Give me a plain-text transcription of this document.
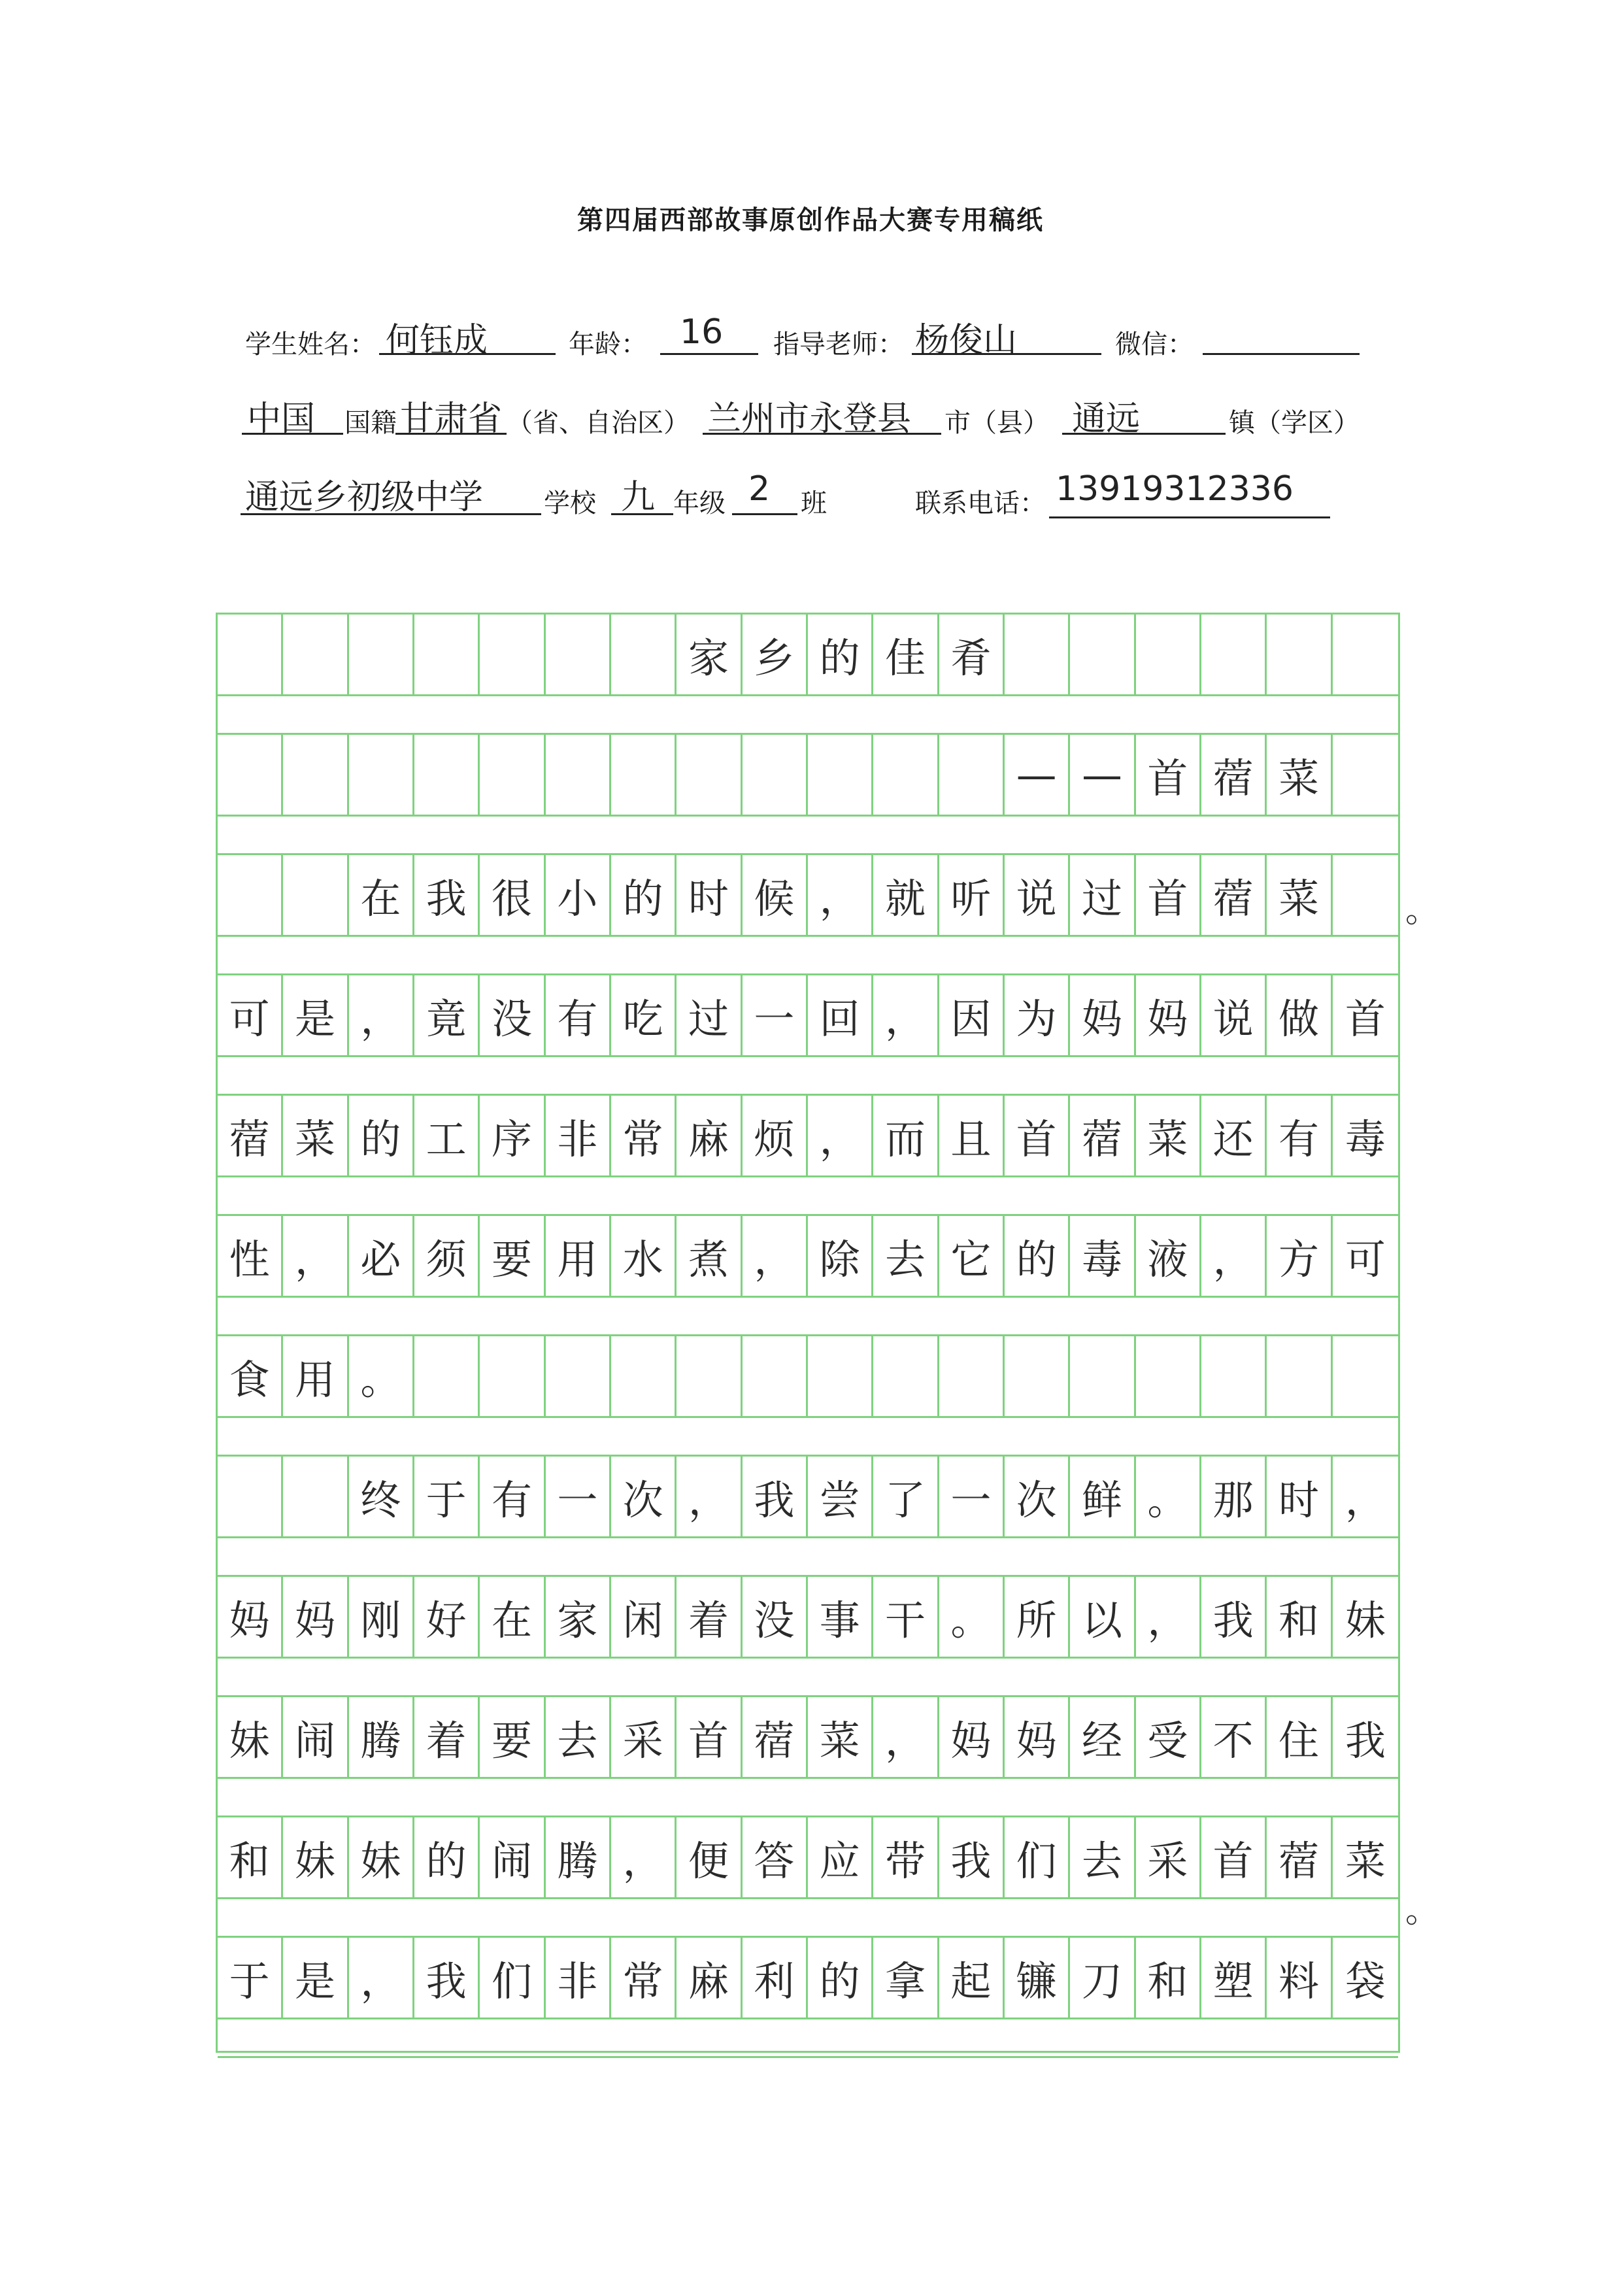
第四届西部故事原创作品大赛专用稿纸
学生姓名： 何钰成	年龄： 16 指导老师： 杨俊山	微信：
中国 国籍 甘肃省 （省、自治区） 兰州市永登县 市（县） 通远	镇（学区）
通远乡初级中学 学校 九 年级 2 班	联系电话： 13919312336
家 乡 的 佳 肴
— — 首 蓿 菜
在 我 很 小 的 时 候 ， 就 听 说 过 首 蓿 菜
可 是 ， 竟 没 有 吃 过 一 回 ， 因 为 妈 妈 说 做 首
蓿 菜 的 工 序 非 常 麻 烦 ， 而 且 首 蓿 菜 还 有 毒
性 ， 必 须 要 用 水 煮 ， 除 去 它 的 毒 液 ， 方 可
食 用 。
终 于 有 一 次 ， 我 尝 了 一 次 鲜 。 那 时 ，
妈 妈 刚 好 在 家 闲 着 没 事 干 。 所 以 ， 我 和 妹
妹 闹 腾 着 要 去 采 首 蓿 菜 ， 妈 妈 经 受 不 住 我
和 妹 妹 的 闹 腾 ， 便 答 应 带 我 们 去 采 首 蓿 菜
于 是 ， 我 们 非 常 麻 利 的 拿 起 镰 刀 和 塑 料 袋
。
。
